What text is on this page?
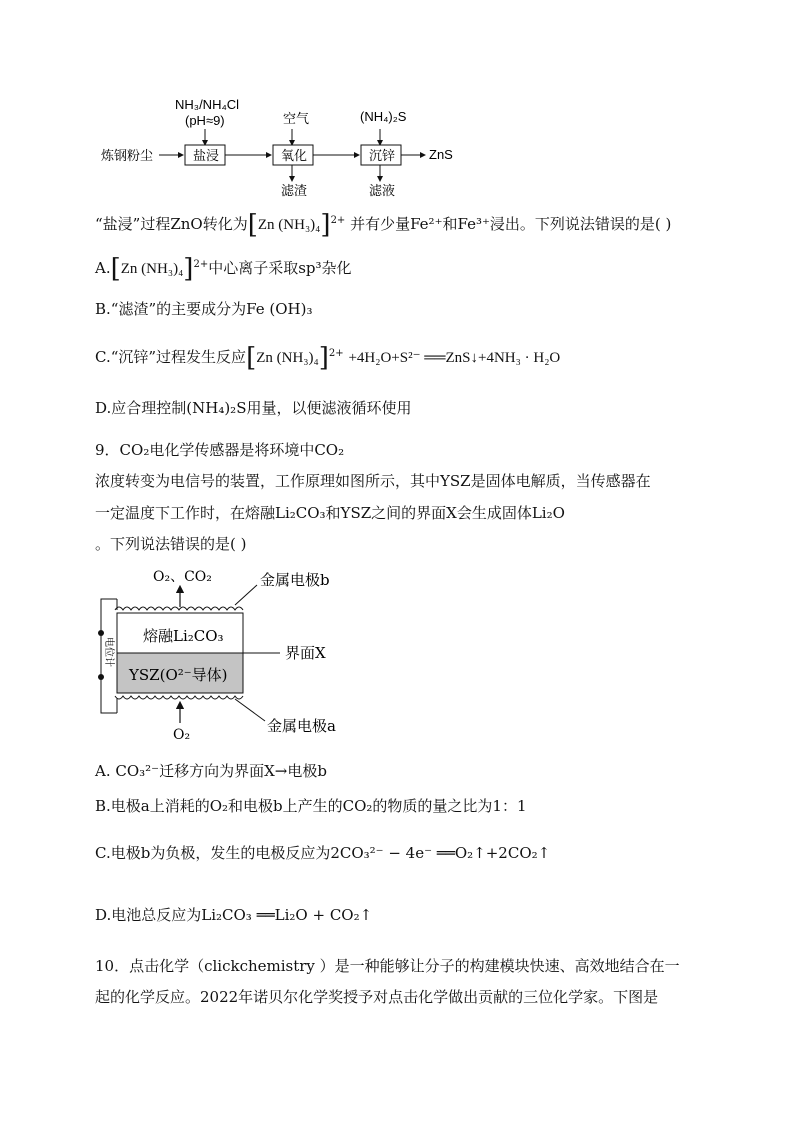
NH₃/NH₄Cl
(pH≈9)	空气	(NH₄)₂S
炼钢粉尘	盐浸	氧化	沉锌	ZnS
滤渣	滤液
“盐浸”过程ZnO转化为[Zn (NH₃)₄]$^{2+}$ 并有少量Fe²⁺和Fe³⁺浸出。下列说法错误的是( )
A.[Zn (NH₃)₄]$^{2+}$中心离子采取sp³杂化
B.“滤渣”的主要成分为Fe (OH)₃
C.“沉锌”过程发生反应[Zn (NH₃)₄]$^{2+}$ +4H₂O+S²⁻ ══ZnS↓+4NH₃ · H₂O
D.应合理控制(NH₄)₂S用量，以便滤液循环使用
9．CO₂电化学传感器是将环境中CO₂
浓度转变为电信号的装置，工作原理如图所示，其中YSZ是固体电解质，当传感器在
一定温度下工作时，在熔融Li₂CO₃和YSZ之间的界面X会生成固体Li₂O
。下列说法错误的是( )
O₂、CO₂	金属电极b
熔融Li₂CO₃
YSZ(O²⁻导体)
界面X
O₂	金属电极a
电位计
A. CO₃²⁻迁移方向为界面X→电极b
B.电极a上消耗的O₂和电极b上产生的CO₂的物质的量之比为1：1
C.电极b为负极，发生的电极反应为2CO₃²⁻ − 4e⁻ ══O₂↑+2CO₂↑
D.电池总反应为Li₂CO₃ ══Li₂O + CO₂↑
10．点击化学（clickchemistry ）是一种能够让分子的构建模块快速、高效地结合在一
起的化学反应。2022年诺贝尔化学奖授予对点击化学做出贡献的三位化学家。下图是
